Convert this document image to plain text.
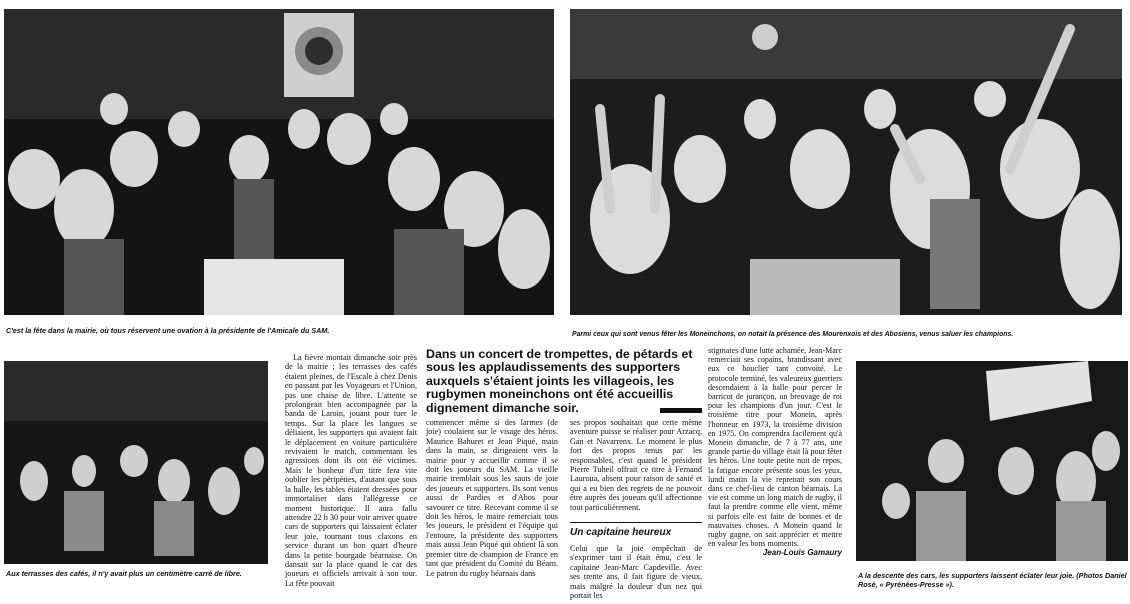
C'est la fête dans la mairie, où tous réservent une ovation à la présidente de l'Amicale du SAM.	Parmi ceux qui sont venus fêter les Moneinchons, on notait la présence des Mourenxois et des Abosiens, venus saluer les champions.
Aux terrasses des cafés, il n'y avait plus un centimètre carré de libre.

La fièvre montait dimanche soir près de la mairie ; les terrasses des cafés étaient pleines, de l'Escale à chez Denis en passant par les Voyageurs et l'Union, pas une chaise de libre. L'attente se prolongeait bien accompagnée par la banda de Laroin, jouant pour tuer le temps. Sur la place les langues se déliaient, les supporters qui avaient fait le déplacement en voiture particulière revivaient le match, commentant les agressions dont ils ont été victimes. Mais le bonheur d'un titre fera vite oublier les péripéties, d'autant que sous la halle, les tables étaient dressées pour immortaliser dans l'allégresse ce moment historique. Il aura fallu attendre 22 h 30 pour voir arriver quatre cars de supporters qui laissaient éclater leur joie, tournant tous claxons en service durant un bon quart d'heure dans la petite bourgade béarnaise. On dansait sur la place quand le car des joueurs et officiels arrivait à son tour. La fête pouvait

Dans un concert de trompettes, de pétards et sous les applaudissements des supporters auxquels s'étaient joints les villageois, les rugbymen moneinchons ont été accueillis dignement dimanche soir.

commencer même si des larmes (de joie) coulaient sur le visage des héros. Maurice Bahuret et Jean Piqué, main dans la main, se dirigeaient vers la mairie pour y accueillir comme il se doit les joueurs du SAM. La vieille mairie tremblait sous les sauts de joie des joueurs et supporters. Ils sont venus aussi de Pardies et d'Abos pour savourer ce titre. Recevant comme il se doit les héros, le maire remerciait tous les joueurs, le président et l'équipe qui l'entoure, la présidente des supporters mais aussi Jean Piqué qui obtient là son premier titre de champion de France en tant que président du Comité du Béarn. Le patron du rugby béarnais dans

ses propos souhaitait que cette même aventure puisse se réaliser pour Arzacq, Gan et Navarrenx. Le moment le plus fort des propos tenus par les responsables, c'est quand le président Pierre Tuheil offrait ce titre à Fernand Lauroua, absent pour raison de santé et qui a eu bien des regrets de ne pouvoir être auprès des joueurs qu'il affectionne tout particulièrement.

Un capitaine heureux

Celui que la joie empêchait de s'exprimer tant il était ému, c'est le capitaine Jean-Marc Capdeville. Avec ses trente ans, il fait figure de vieux, mais malgré la douleur d'un nez qui portait les

stigmates d'une lutte acharnée, Jean-Marc remerciait ses copains, brandissant avec eux ce bouclier tant convoité. Le protocole terminé, les valeureux guerriers descendaient à la halle pour percer le barricot de jurançon, un breuvage de roi pour les champions d'un jour. C'est le troisième titre pour Monein, après l'honneur en 1973, la troisième division en 1975. On comprendra facilement qu'à Monein dimanche, de 7 à 77 ans, une grande partie du village était là pour fêter les héros. Une toute petite nuit de repos, la fatigue encore présente sous les yeux, lundi matin la vie reprenait son cours dans ce chef-lieu de canton béarnais. La vie est comme un long match de rugby, il faut la prendre comme elle vient, même si parfois elle est faite de bonnes et de mauvaises choses. A Monein quand le rugby gagne, on sait apprécier et mettre en valeur les bons moments.

Jean-Louis Gamaury

A la descente des cars, les supporters laissent éclater leur joie. (Photos Daniel Rosé, « Pyrénées-Presse »).
